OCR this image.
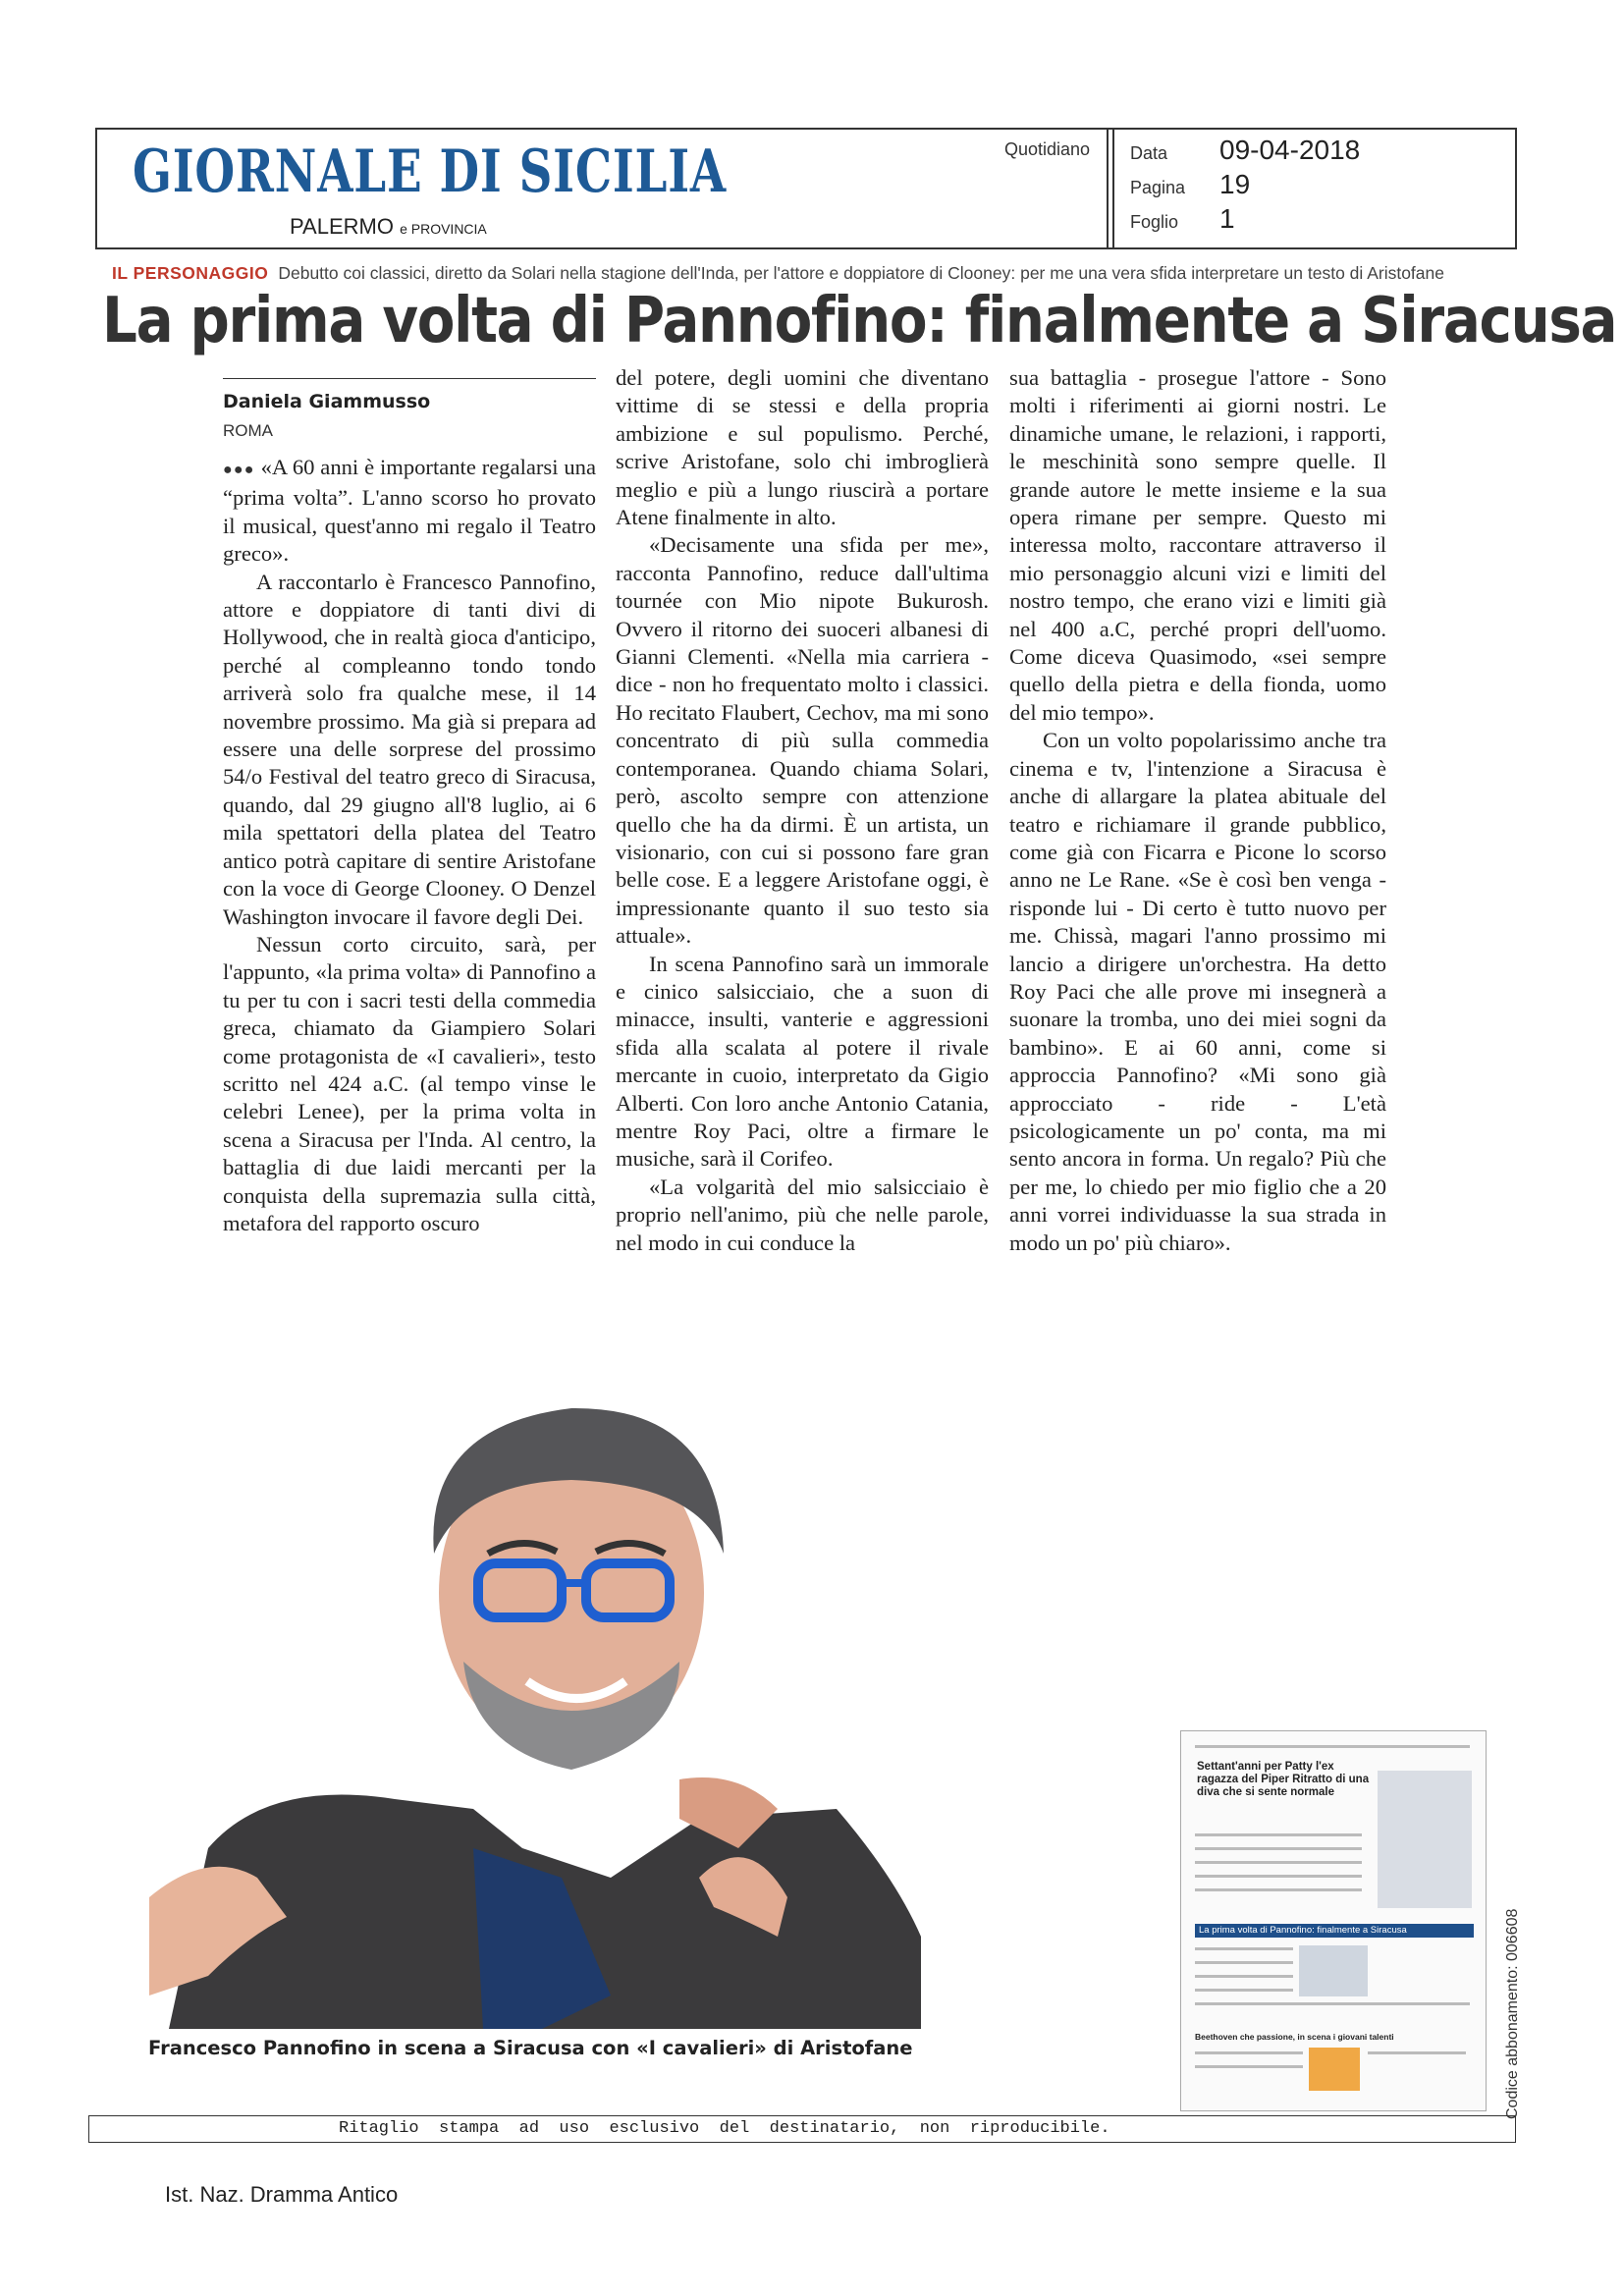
GIORNALE DI SICILIA
PALERMO e PROVINCIA
Quotidiano Data 09-04-2018
Pagina 19
Foglio 1
IL PERSONAGGIO Debutto coi classici, diretto da Solari nella stagione dell'Inda, per l'attore e doppiatore di Clooney: per me una vera sfida interpretare un testo di Aristofane
La prima volta di Pannofino: finalmente a Siracusa
Daniela Giammusso
ROMA

●●● «A 60 anni è importante regalarsi una “prima volta”. L'anno scorso ho provato il musical, quest'anno mi regalo il Teatro greco».

A raccontarlo è Francesco Pannofino, attore e doppiatore di tanti divi di Hollywood, che in realtà gioca d'anticipo, perché al compleanno tondo tondo arriverà solo fra qualche mese, il 14 novembre prossimo. Ma già si prepara ad essere una delle sorprese del prossimo 54/o Festival del teatro greco di Siracusa, quando, dal 29 giugno all'8 luglio, ai 6 mila spettatori della platea del Teatro antico potrà capitare di sentire Aristofane con la voce di George Clooney. O Denzel Washington invocare il favore degli Dei.

Nessun corto circuito, sarà, per l'appunto, «la prima volta» di Pannofino a tu per tu con i sacri testi della commedia greca, chiamato da Giampiero Solari come protagonista de «I cavalieri», testo scritto nel 424 a.C. (al tempo vinse le celebri Lenee), per la prima volta in scena a Siracusa per l'Inda. Al centro, la battaglia di due laidi mercanti per la conquista della supremazia sulla città, metafora del rapporto oscuro

del potere, degli uomini che diventano vittime di se stessi e della propria ambizione e sul populismo. Perché, scrive Aristofane, solo chi imbroglierà meglio e più a lungo riuscirà a portare Atene finalmente in alto.

«Decisamente una sfida per me», racconta Pannofino, reduce dall'ultima tournée con Mio nipote Bukurosh. Ovvero il ritorno dei suoceri albanesi di Gianni Clementi. «Nella mia carriera - dice - non ho frequentato molto i classici. Ho recitato Flaubert, Cechov, ma mi sono concentrato di più sulla commedia contemporanea. Quando chiama Solari, però, ascolto sempre con attenzione quello che ha da dirmi. È un artista, un visionario, con cui si possono fare gran belle cose. E a leggere Aristofane oggi, è impressionante quanto il suo testo sia attuale».

In scena Pannofino sarà un immorale e cinico salsicciaio, che a suon di minacce, insulti, vanterie e aggressioni sfida alla scalata al potere il rivale mercante in cuoio, interpretato da Gigio Alberti. Con loro anche Antonio Catania, mentre Roy Paci, oltre a firmare le musiche, sarà il Corifeo.

«La volgarità del mio salsicciaio è proprio nell'animo, più che nelle parole, nel modo in cui conduce la

sua battaglia - prosegue l'attore - Sono molti i riferimenti ai giorni nostri. Le dinamiche umane, le relazioni, i rapporti, le meschinità sono sempre quelle. Il grande autore le mette insieme e la sua opera rimane per sempre. Questo mi interessa molto, raccontare attraverso il mio personaggio alcuni vizi e limiti del nostro tempo, che erano vizi e limiti già nel 400 a.C, perché propri dell'uomo. Come diceva Quasimodo, «sei sempre quello della pietra e della fionda, uomo del mio tempo».

Con un volto popolarissimo anche tra cinema e tv, l'intenzione a Siracusa è anche di allargare la platea abituale del teatro e richiamare il grande pubblico, come già con Ficarra e Picone lo scorso anno ne Le Rane. «Se è così ben venga - risponde lui - Di certo è tutto nuovo per me. Chissà, magari l'anno prossimo mi lancio a dirigere un'orchestra. Ha detto Roy Paci che alle prove mi insegnerà a suonare la tromba, uno dei miei sogni da bambino». E ai 60 anni, come si approccia Pannofino? «Mi sono già approcciato - ride - L'età psicologicamente un po' conta, ma mi sento ancora in forma. Un regalo? Più che per me, lo chiedo per mio figlio che a 20 anni vorrei individuasse la sua strada in modo un po' più chiaro».

Francesco Pannofino in scena a Siracusa con «I cavalieri» di Aristofane
Settant'anni per Patty l'ex ragazza del Piper Ritratto di una diva che si sente normale
La prima volta di Pannofino: finalmente a Siracusa
Beethoven che passione, in scena i giovani talenti	Codice abbonamento: 006608
Ritaglio  stampa  ad  uso  esclusivo  del  destinatario,  non  riproducibile.
Ist. Naz. Dramma Antico
